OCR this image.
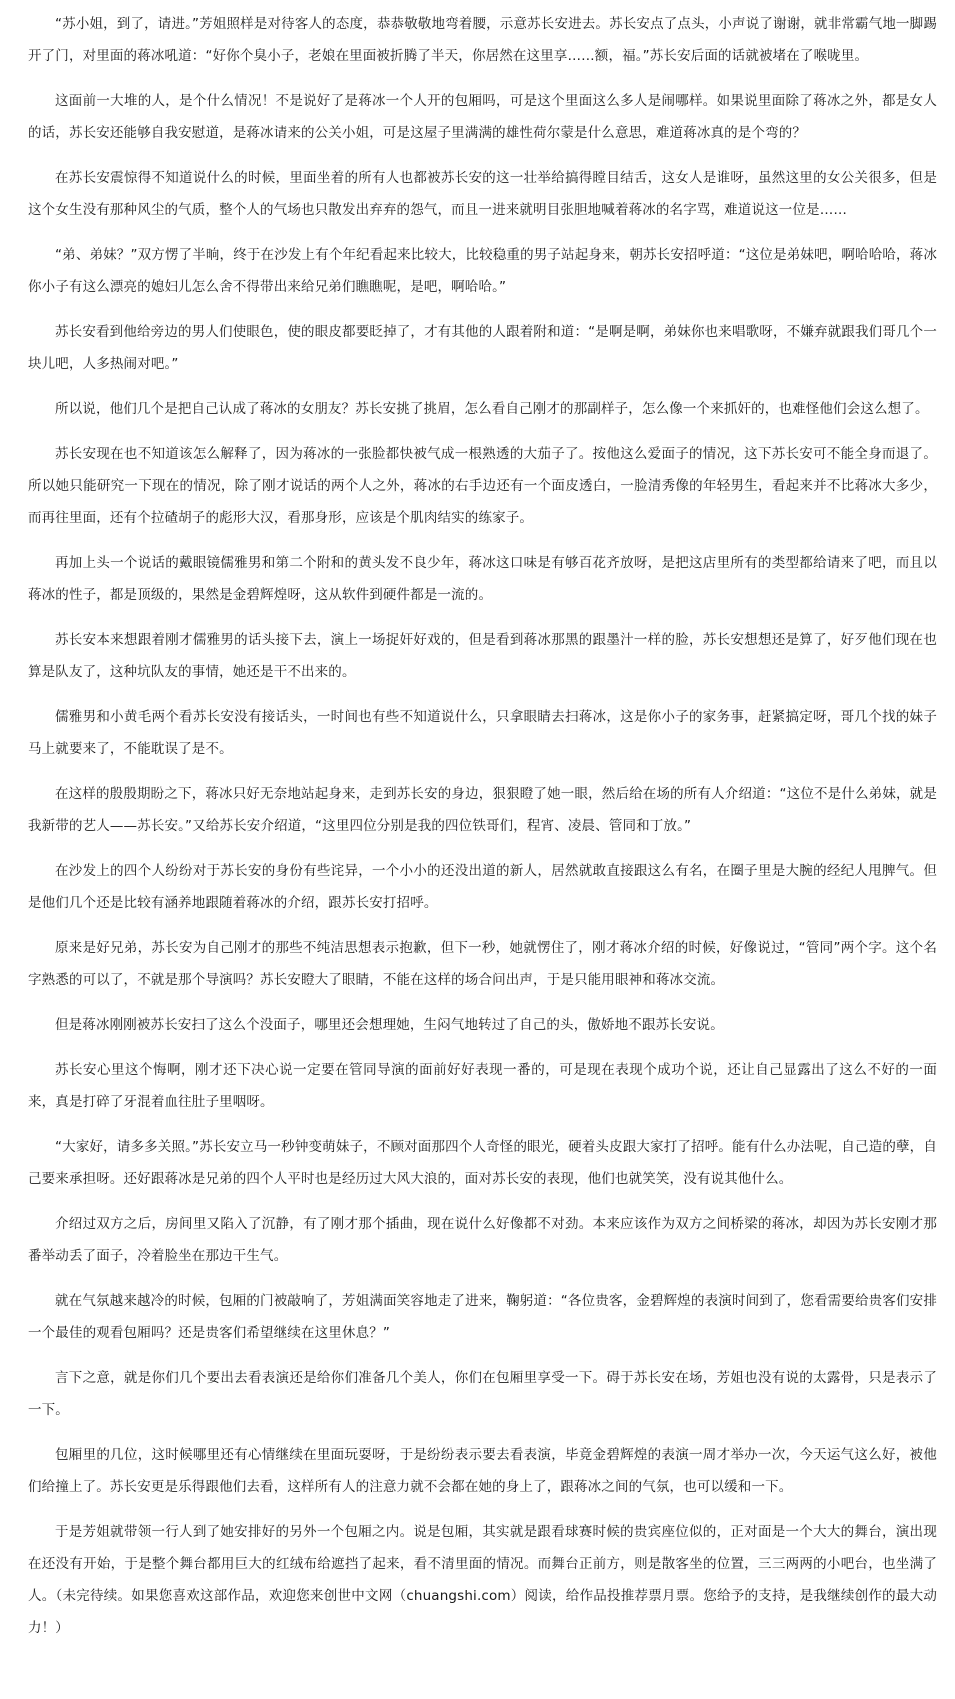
“苏小姐，到了，请进。”芳姐照样是对待客人的态度，恭恭敬敬地弯着腰，示意苏长安进去。苏长安点了点头，小声说了谢谢，就非常霸气地一脚踢开了门，对里面的蒋冰吼道：“好你个臭小子，老娘在里面被折腾了半天，你居然在这里享……额，福。”苏长安后面的话就被堵在了喉咙里。

这面前一大堆的人，是个什么情况！不是说好了是蒋冰一个人开的包厢吗，可是这个里面这么多人是闹哪样。如果说里面除了蒋冰之外，都是女人的话，苏长安还能够自我安慰道，是蒋冰请来的公关小姐，可是这屋子里满满的雄性荷尔蒙是什么意思，难道蒋冰真的是个弯的？

在苏长安震惊得不知道说什么的时候，里面坐着的所有人也都被苏长安的这一壮举给搞得瞠目结舌，这女人是谁呀，虽然这里的女公关很多，但是这个女生没有那种风尘的气质，整个人的气场也只散发出弃弃的怨气，而且一进来就明目张胆地喊着蒋冰的名字骂，难道说这一位是……

“弟、弟妹？”双方愣了半晌，终于在沙发上有个年纪看起来比较大，比较稳重的男子站起身来，朝苏长安招呼道：“这位是弟妹吧，啊哈哈哈，蒋冰你小子有这么漂亮的媳妇儿怎么舍不得带出来给兄弟们瞧瞧呢，是吧，啊哈哈。”

苏长安看到他给旁边的男人们使眼色，使的眼皮都要眨掉了，才有其他的人跟着附和道：“是啊是啊，弟妹你也来唱歌呀，不嫌弃就跟我们哥几个一块儿吧，人多热闹对吧。”

所以说，他们几个是把自己认成了蒋冰的女朋友？苏长安挑了挑眉，怎么看自己刚才的那副样子，怎么像一个来抓奸的，也难怪他们会这么想了。

苏长安现在也不知道该怎么解释了，因为蒋冰的一张脸都快被气成一根熟透的大茄子了。按他这么爱面子的情况，这下苏长安可不能全身而退了。所以她只能研究一下现在的情况，除了刚才说话的两个人之外，蒋冰的右手边还有一个面皮透白，一脸清秀像的年轻男生，看起来并不比蒋冰大多少，而再往里面，还有个拉碴胡子的彪形大汉，看那身形，应该是个肌肉结实的练家子。

再加上头一个说话的戴眼镜儒雅男和第二个附和的黄头发不良少年，蒋冰这口味是有够百花齐放呀，是把这店里所有的类型都给请来了吧，而且以蒋冰的性子，都是顶级的，果然是金碧辉煌呀，这从软件到硬件都是一流的。

苏长安本来想跟着刚才儒雅男的话头接下去，演上一场捉奸好戏的，但是看到蒋冰那黑的跟墨汁一样的脸，苏长安想想还是算了，好歹他们现在也算是队友了，这种坑队友的事情，她还是干不出来的。

儒雅男和小黄毛两个看苏长安没有接话头，一时间也有些不知道说什么，只拿眼睛去扫蒋冰，这是你小子的家务事，赶紧搞定呀，哥几个找的妹子马上就要来了，不能耽误了是不。

在这样的殷殷期盼之下，蒋冰只好无奈地站起身来，走到苏长安的身边，狠狠瞪了她一眼，然后给在场的所有人介绍道：“这位不是什么弟妹，就是我新带的艺人——苏长安。”又给苏长安介绍道，“这里四位分别是我的四位铁哥们，程宵、凌晨、管同和丁放。”

在沙发上的四个人纷纷对于苏长安的身份有些诧异，一个小小的还没出道的新人，居然就敢直接跟这么有名，在圈子里是大腕的经纪人甩脾气。但是他们几个还是比较有涵养地跟随着蒋冰的介绍，跟苏长安打招呼。

原来是好兄弟，苏长安为自己刚才的那些不纯洁思想表示抱歉，但下一秒，她就愣住了，刚才蒋冰介绍的时候，好像说过，“管同”两个字。这个名字熟悉的可以了，不就是那个导演吗？苏长安瞪大了眼睛，不能在这样的场合问出声，于是只能用眼神和蒋冰交流。

但是蒋冰刚刚被苏长安扫了这么个没面子，哪里还会想理她，生闷气地转过了自己的头，傲娇地不跟苏长安说。

苏长安心里这个悔啊，刚才还下决心说一定要在管同导演的面前好好表现一番的，可是现在表现个成功个说，还让自己显露出了这么不好的一面来，真是打碎了牙混着血往肚子里咽呀。

“大家好，请多多关照。”苏长安立马一秒钟变萌妹子，不顾对面那四个人奇怪的眼光，硬着头皮跟大家打了招呼。能有什么办法呢，自己造的孽，自己要来承担呀。还好跟蒋冰是兄弟的四个人平时也是经历过大风大浪的，面对苏长安的表现，他们也就笑笑，没有说其他什么。

介绍过双方之后，房间里又陷入了沉静，有了刚才那个插曲，现在说什么好像都不对劲。本来应该作为双方之间桥梁的蒋冰，却因为苏长安刚才那番举动丢了面子，冷着脸坐在那边干生气。

就在气氛越来越冷的时候，包厢的门被敲响了，芳姐满面笑容地走了进来，鞠躬道：“各位贵客，金碧辉煌的表演时间到了，您看需要给贵客们安排一个最佳的观看包厢吗？还是贵客们希望继续在这里休息？”

言下之意，就是你们几个要出去看表演还是给你们准备几个美人，你们在包厢里享受一下。碍于苏长安在场，芳姐也没有说的太露骨，只是表示了一下。

包厢里的几位，这时候哪里还有心情继续在里面玩耍呀，于是纷纷表示要去看表演，毕竟金碧辉煌的表演一周才举办一次，今天运气这么好，被他们给撞上了。苏长安更是乐得跟他们去看，这样所有人的注意力就不会都在她的身上了，跟蒋冰之间的气氛，也可以缓和一下。

于是芳姐就带领一行人到了她安排好的另外一个包厢之内。说是包厢，其实就是跟看球赛时候的贵宾座位似的，正对面是一个大大的舞台，演出现在还没有开始，于是整个舞台都用巨大的红绒布给遮挡了起来，看不清里面的情况。而舞台正前方，则是散客坐的位置，三三两两的小吧台，也坐满了人。（未完待续。如果您喜欢这部作品，欢迎您来创世中文网（chuangshi.com）阅读，给作品投推荐票月票。您给予的支持，是我继续创作的最大动力！）
